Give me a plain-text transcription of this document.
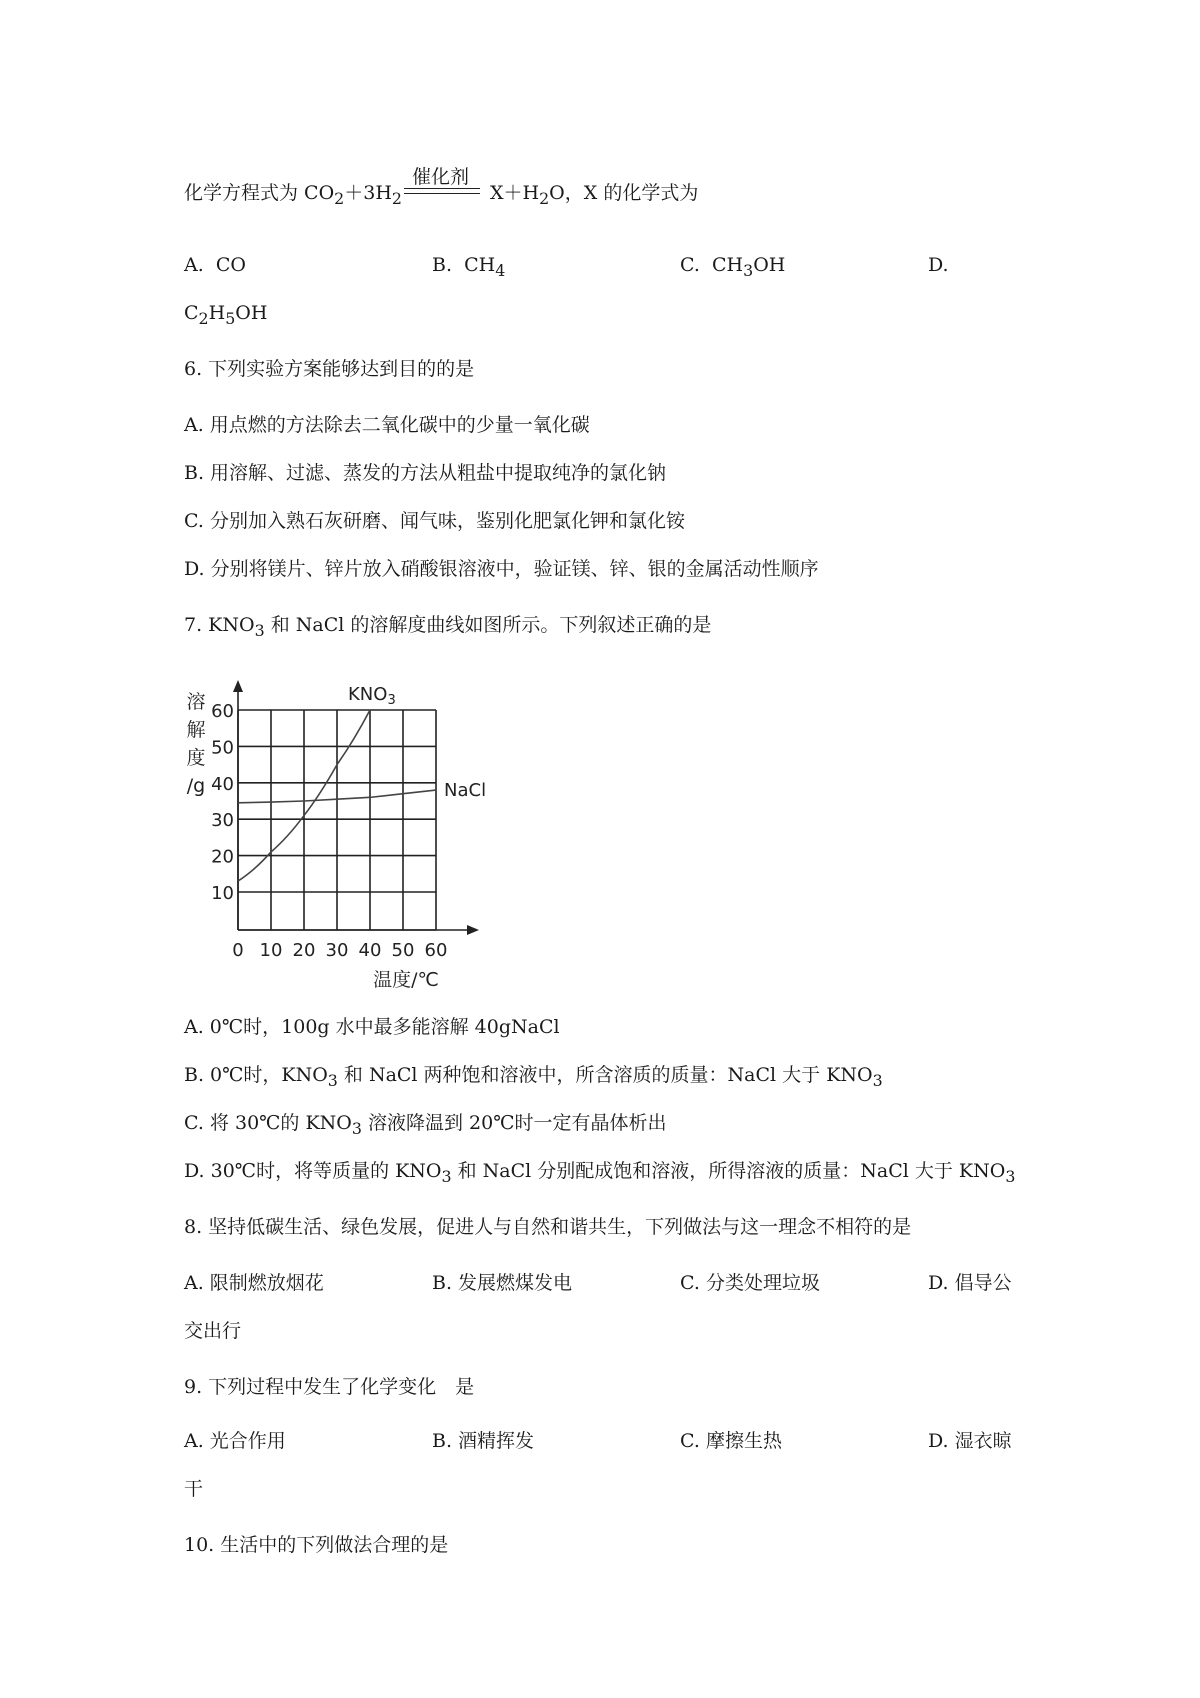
催化剂
化学方程式为 $CO_2+3H_2$	$X+H_2O$，X 的化学式为
A. CO	B. $CH_4$	C. $CH_3OH$	D.
$C_2H_5OH$
6. 下列实验方案能够达到目的的是
A. 用点燃的方法除去二氧化碳中的少量一氧化碳
B. 用溶解、过滤、蒸发的方法从粗盐中提取纯净的氯化钠
C. 分别加入熟石灰研磨、闻气味，鉴别化肥氯化钾和氯化铵
D. 分别将镁片、锌片放入硝酸银溶液中，验证镁、锌、银的金属活动性顺序
7. $KNO_3$ 和 NaCl 的溶解度曲线如图所示。下列叙述正确的是
10
20
30
40
50
60
0 10 20 30 40 50 60
溶
解
度
/g
温度/℃
$KNO_3$
NaCl
A. 0℃时，100g 水中最多能溶解 40gNaCl
B. 0℃时，$KNO_3$ 和 NaCl 两种饱和溶液中，所含溶质的质量：NaCl 大于 $KNO_3$
C. 将 30℃的 $KNO_3$ 溶液降温到 20℃时一定有晶体析出
D. 30℃时，将等质量的 $KNO_3$ 和 NaCl 分别配成饱和溶液，所得溶液的质量：NaCl 大于 $KNO_3$
8. 坚持低碳生活、绿色发展，促进人与自然和谐共生，下列做法与这一理念不相符的是
A. 限制燃放烟花	B. 发展燃煤发电	C. 分类处理垃圾	D. 倡导公
交出行
9. 下列过程中发生了化学变化　是
A. 光合作用	B. 酒精挥发	C. 摩擦生热	D. 湿衣晾
干
10. 生活中的下列做法合理的是
